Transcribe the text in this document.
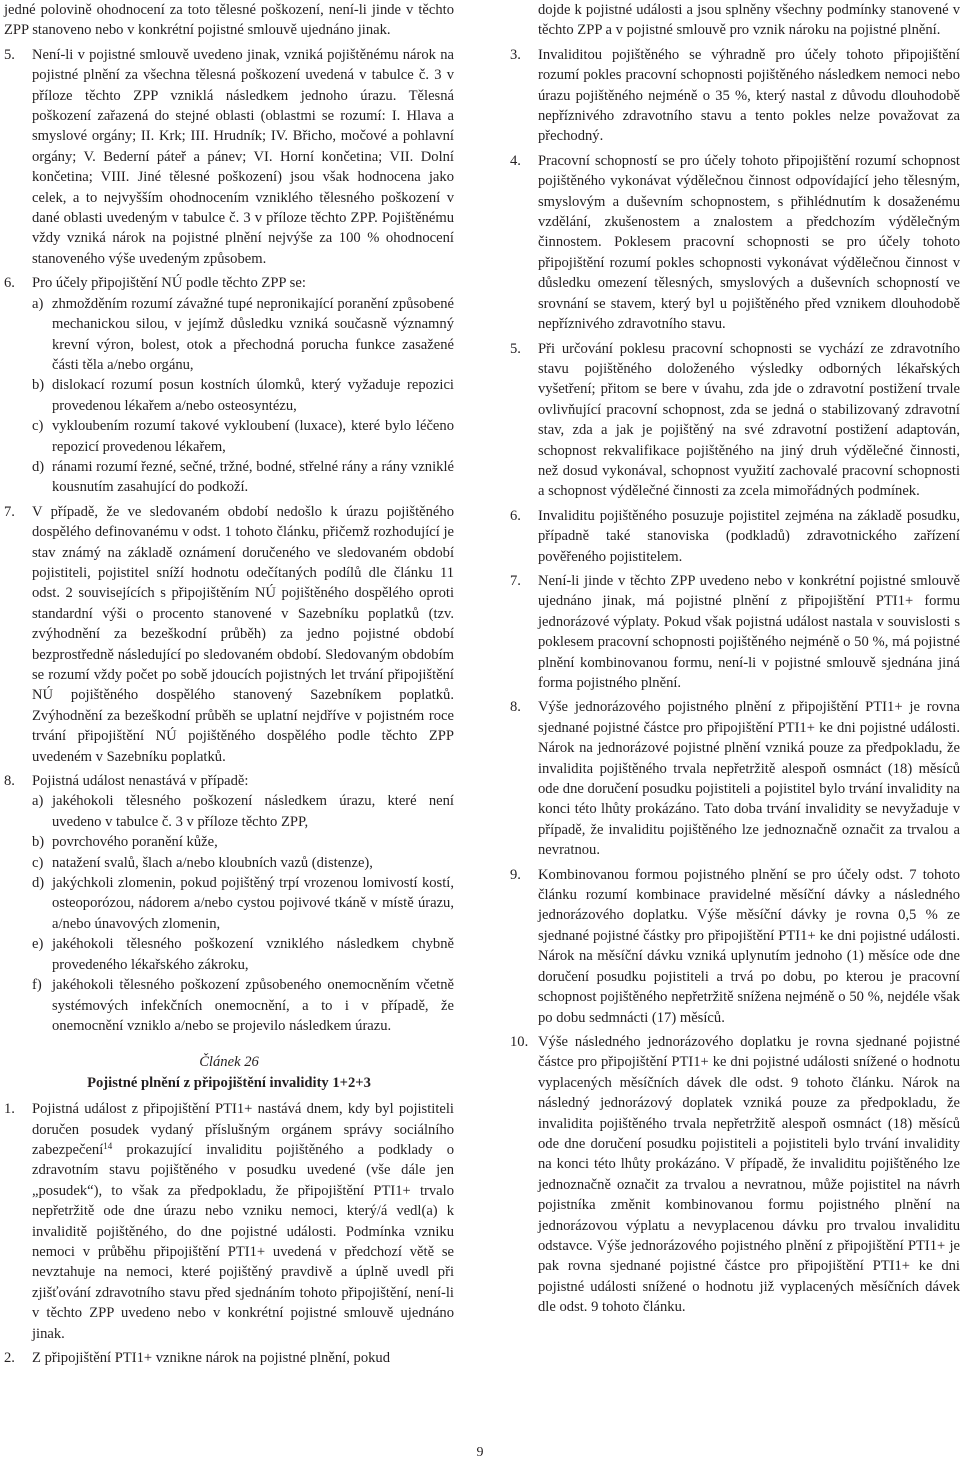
jedné polovině ohodnocení za toto tělesné poškození, není-li jinde v těchto ZPP stanoveno nebo v konkrétní pojistné smlouvě ujednáno jinak.

5. Není-li v pojistné smlouvě uvedeno jinak, vzniká pojištěnému nárok na pojistné plnění za všechna tělesná poškození uvedená v tabulce č. 3 v příloze těchto ZPP vzniklá následkem jednoho úrazu. Tělesná poškození zařazená do stejné oblasti (oblastmi se rozumí: I. Hlava a smyslové orgány; II. Krk; III. Hrudník; IV. Břicho, močové a pohlavní orgány; V. Bederní páteř a pánev; VI. Horní končetina; VII. Dolní končetina; VIII. Jiné tělesné poškození) jsou však hodnocena jako celek, a to nejvyšším ohodnocením vzniklého tělesného poškození v dané oblasti uvedeným v tabulce č. 3 v příloze těchto ZPP. Pojištěnému vždy vzniká nárok na pojistné plnění nejvýše za 100 % ohodnocení stanoveného výše uvedeným způsobem.
6. Pro účely připojištění NÚ podle těchto ZPP se:
a) zhmožděním rozumí závažné tupé nepronikající poranění způsobené mechanickou silou, v jejímž důsledku vzniká současně významný krevní výron, bolest, otok a přechodná porucha funkce zasažené části těla a/nebo orgánu,
b) dislokací rozumí posun kostních úlomků, který vyžaduje repozici provedenou lékařem a/nebo osteosyntézu,
c) vykloubením rozumí takové vykloubení (luxace), které bylo léčeno repozicí provedenou lékařem,
d) ránami rozumí řezné, sečné, tržné, bodné, střelné rány a rány vzniklé kousnutím zasahující do podkoží.
7. V případě, že ve sledovaném období nedošlo k úrazu pojištěného dospělého definovanému v odst. 1 tohoto článku, přičemž rozhodující je stav známý na základě oznámení doručeného ve sledovaném období pojistiteli, pojistitel sníží hodnotu odečítaných podílů dle článku 11 odst. 2 souvisejících s připojištěním NÚ pojištěného dospělého oproti standardní výši o procento stanovené v Sazebníku poplatků (tzv. zvýhodnění za bezeškodní průběh) za jedno pojistné období bezprostředně následující po sledovaném období. Sledovaným obdobím se rozumí vždy počet po sobě jdoucích pojistných let trvání připojištění NÚ pojištěného dospělého stanovený Sazebníkem poplatků. Zvýhodnění za bezeškodní průběh se uplatní nejdříve v pojistném roce trvání připojištění NÚ pojištěného dospělého podle těchto ZPP uvedeném v Sazebníku poplatků.
8. Pojistná událost nenastává v případě:
a) jakéhokoli tělesného poškození následkem úrazu, které není uvedeno v tabulce č. 3 v příloze těchto ZPP,
b) povrchového poranění kůže,
c) natažení svalů, šlach a/nebo kloubních vazů (distenze),
d) jakýchkoli zlomenin, pokud pojištěný trpí vrozenou lomivostí kostí, osteoporózou, nádorem a/nebo cystou pojivové tkáně v místě úrazu, a/nebo únavových zlomenin,
e) jakéhokoli tělesného poškození vzniklého následkem chybně provedeného lékařského zákroku,
f) jakéhokoli tělesného poškození způsobeného onemocněním včetně systémových infekčních onemocnění, a to i v případě, že onemocnění vzniklo a/nebo se projevilo následkem úrazu.
Článek 26
Pojistné plnění z připojištění invalidity 1+2+3
1. Pojistná událost z připojištění PTI1+ nastává dnem, kdy byl pojistiteli doručen posudek vydaný příslušným orgánem správy sociálního zabezpečení$^{14}$ prokazující invaliditu pojištěného a podklady o zdravotním stavu pojištěného v posudku uvedené (vše dále jen „posudek“), to však za předpokladu, že připojištění PTI1+ trvalo nepřetržitě ode dne úrazu nebo vzniku nemoci, který/á vedl(a) k invaliditě pojištěného, do dne pojistné události. Podmínka vzniku nemoci v průběhu připojištění PTI1+ uvedená v předchozí větě se nevztahuje na nemoci, které pojištěný pravdivě a úplně uvedl při zjišťování zdravotního stavu před sjednáním tohoto připojištění, není-li v těchto ZPP uvedeno nebo v konkrétní pojistné smlouvě ujednáno jinak.
2. Z připojištění PTI1+ vznikne nárok na pojistné plnění, pokud

dojde k pojistné události a jsou splněny všechny podmínky stanovené v těchto ZPP a v pojistné smlouvě pro vznik nároku na pojistné plnění.

3. Invaliditou pojištěného se výhradně pro účely tohoto připojištění rozumí pokles pracovní schopnosti pojištěného následkem nemoci nebo úrazu pojištěného nejméně o 35 %, který nastal z důvodu dlouhodobě nepříznivého zdravotního stavu a tento pokles nelze považovat za přechodný.
4. Pracovní schopností se pro účely tohoto připojištění rozumí schopnost pojištěného vykonávat výdělečnou činnost odpovídající jeho tělesným, smyslovým a duševním schopnostem, s přihlédnutím k dosaženému vzdělání, zkušenostem a znalostem a předchozím výdělečným činnostem. Poklesem pracovní schopnosti se pro účely tohoto připojištění rozumí pokles schopnosti vykonávat výdělečnou činnost v důsledku omezení tělesných, smyslových a duševních schopností ve srovnání se stavem, který byl u pojištěného před vznikem dlouhodobě nepříznivého zdravotního stavu.
5. Při určování poklesu pracovní schopnosti se vychází ze zdravotního stavu pojištěného doloženého výsledky odborných lékařských vyšetření; přitom se bere v úvahu, zda jde o zdravotní postižení trvale ovlivňující pracovní schopnost, zda se jedná o stabilizovaný zdravotní stav, zda a jak je pojištěný na své zdravotní postižení adaptován, schopnost rekvalifikace pojištěného na jiný druh výdělečné činnosti, než dosud vykonával, schopnost využití zachovalé pracovní schopnosti a schopnost výdělečné činnosti za zcela mimořádných podmínek.
6. Invaliditu pojištěného posuzuje pojistitel zejména na základě posudku, případně také stanoviska (podkladů) zdravotnického zařízení pověřeného pojistitelem.
7. Není-li jinde v těchto ZPP uvedeno nebo v konkrétní pojistné smlouvě ujednáno jinak, má pojistné plnění z připojištění PTI1+ formu jednorázové výplaty. Pokud však pojistná událost nastala v souvislosti s poklesem pracovní schopnosti pojištěného nejméně o 50 %, má pojistné plnění kombinovanou formu, není-li v pojistné smlouvě sjednána jiná forma pojistného plnění.
8. Výše jednorázového pojistného plnění z připojištění PTI1+ je rovna sjednané pojistné částce pro připojištění PTI1+ ke dni pojistné události. Nárok na jednorázové pojistné plnění vzniká pouze za předpokladu, že invalidita pojištěného trvala nepřetržitě alespoň osmnáct (18) měsíců ode dne doručení posudku pojistiteli a pojistitel bylo trvání invalidity na konci této lhůty prokázáno. Tato doba trvání invalidity se nevyžaduje v případě, že invaliditu pojištěného lze jednoznačně označit za trvalou a nevratnou.
9. Kombinovanou formou pojistného plnění se pro účely odst. 7 tohoto článku rozumí kombinace pravidelné měsíční dávky a následného jednorázového doplatku. Výše měsíční dávky je rovna 0,5 % ze sjednané pojistné částky pro připojištění PTI1+ ke dni pojistné události. Nárok na měsíční dávku vzniká uplynutím jednoho (1) měsíce ode dne doručení posudku pojistiteli a trvá po dobu, po kterou je pracovní schopnost pojištěného nepřetržitě snížena nejméně o 50 %, nejdéle však po dobu sedmnácti (17) měsíců.
10. Výše následného jednorázového doplatku je rovna sjednané pojistné částce pro připojištění PTI1+ ke dni pojistné události snížené o hodnotu vyplacených měsíčních dávek dle odst. 9 tohoto článku. Nárok na následný jednorázový doplatek vzniká pouze za předpokladu, že invalidita pojištěného trvala nepřetržitě alespoň osmnáct (18) měsíců ode dne doručení posudku pojistiteli a pojistiteli bylo trvání invalidity na konci této lhůty prokázáno. V případě, že invaliditu pojištěného lze jednoznačně označit za trvalou a nevratnou, může pojistitel na návrh pojistníka změnit kombinovanou formu pojistného plnění na jednorázovou výplatu a nevyplacenou dávku pro trvalou invaliditu odstavce. Výše jednorázového pojistného plnění z připojištění PTI1+ je pak rovna sjednané pojistné částce pro připojištění PTI1+ ke dni pojistné události snížené o hodnotu již vyplacených měsíčních dávek dle odst. 9 tohoto článku.
9
